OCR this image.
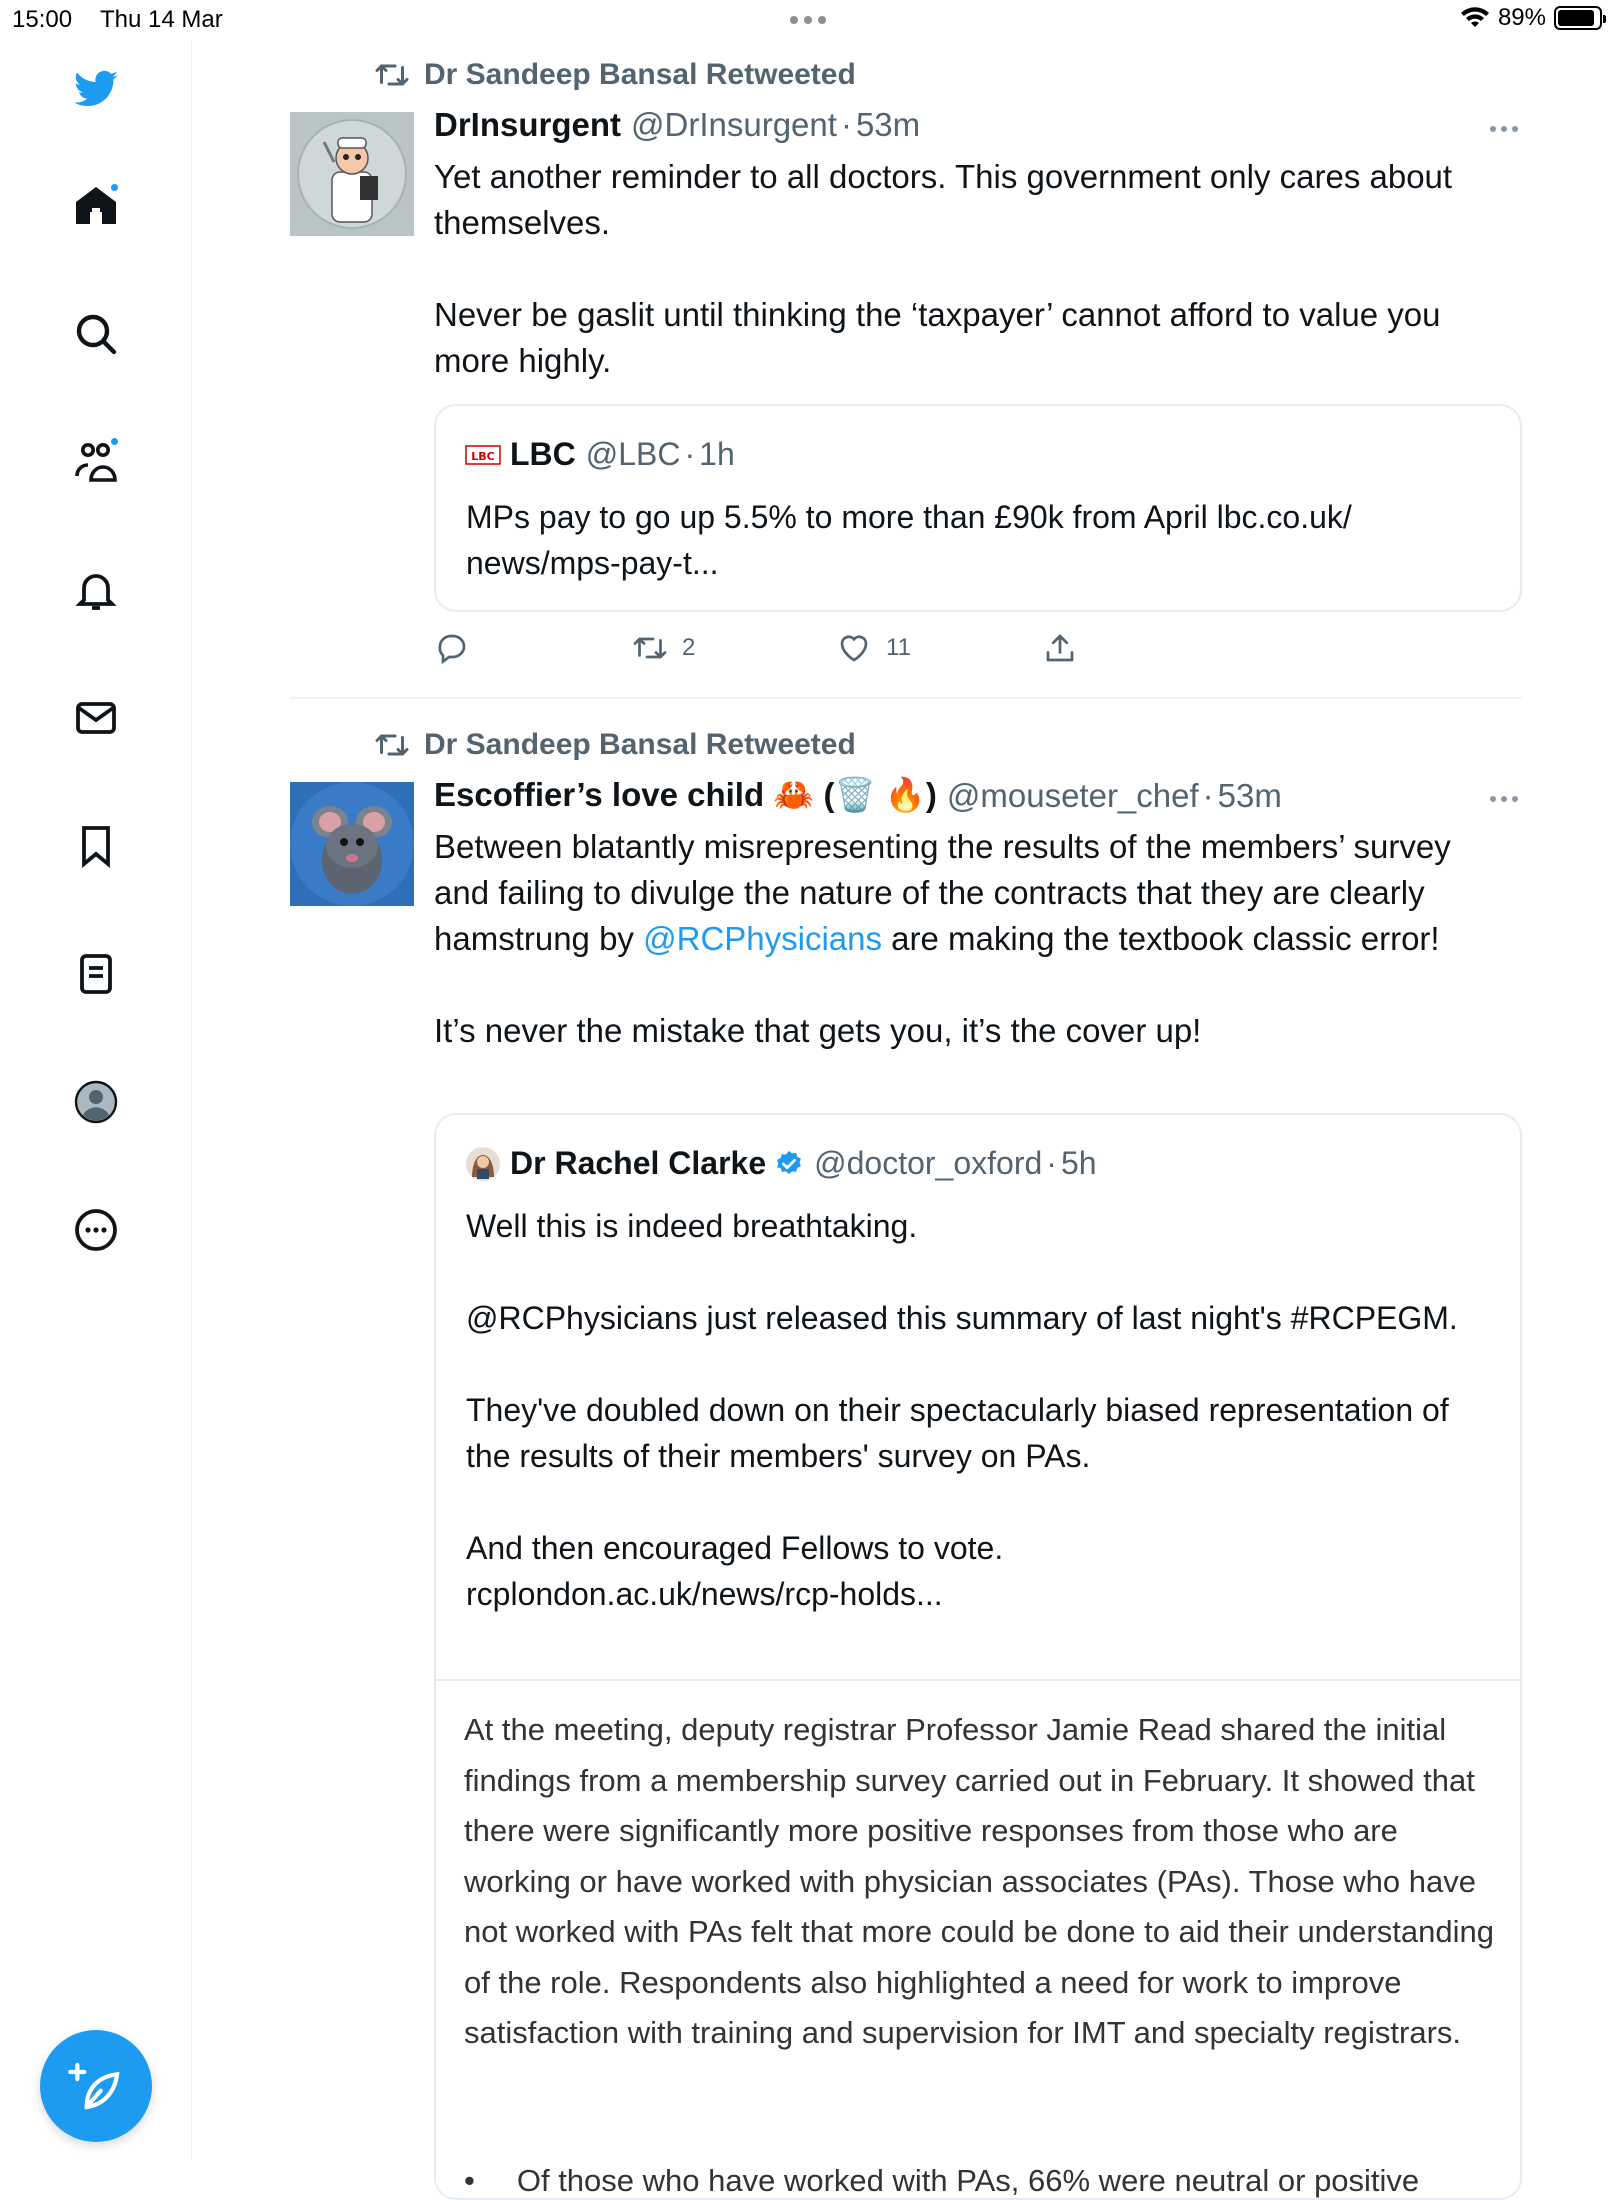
15:00 Thu 14 Mar	89%
Dr Sandeep Bansal Retweeted
DrInsurgent @DrInsurgent · 53m
Yet another reminder to all doctors. This government only cares about themselves.

Never be gaslit until thinking the ‘taxpayer’ cannot afford to value you more highly.
LBC LBC @LBC · 1h
MPs pay to go up 5.5% to more than £90k from April lbc.co.uk/
news/mps-pay-t...
2	11
Dr Sandeep Bansal Retweeted
Escoffier’s love child 🦀 (🗑️ 🔥) @mouseter_chef · 53m
Between blatantly misrepresenting the results of the members’ survey and failing to divulge the nature of the contracts that they are clearly hamstrung by @RCPhysicians are making the textbook classic error!

It’s never the mistake that gets you, it’s the cover up!
Dr Rachel Clarke @doctor_oxford · 5h
Well this is indeed breathtaking.

@RCPhysicians just released this summary of last night's #RCPEGM.

They've doubled down on their spectacularly biased representation of the results of their members' survey on PAs.

And then encouraged Fellows to vote.
rcplondon.ac.uk/news/rcp-holds...
At the meeting, deputy registrar Professor Jamie Read shared the initial findings from a membership survey carried out in February. It showed that there were significantly more positive responses from those who are working or have worked with physician associates (PAs). Those who have not worked with PAs felt that more could be done to aid their understanding of the role. Respondents also highlighted a need for work to improve satisfaction with training and supervision for IMT and specialty registrars.
• Of those who have worked with PAs, 66% were neutral or positive
